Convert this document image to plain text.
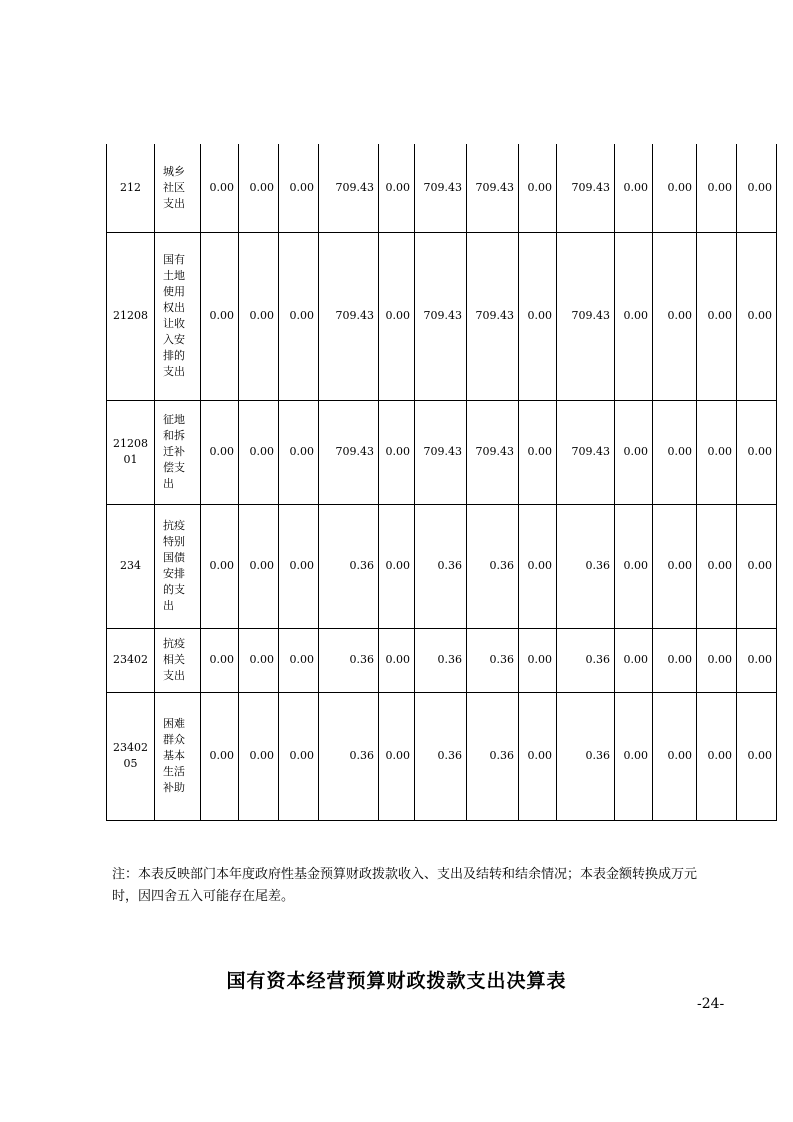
212	城乡社区支出	0.00	0.00	0.00	709.43	0.00	709.43	709.43	0.00	709.43	0.00	0.00	0.00	0.00
21208	国有土地使用权出让收入安排的支出	0.00	0.00	0.00	709.43	0.00	709.43	709.43	0.00	709.43	0.00	0.00	0.00	0.00
2120801	征地和拆迁补偿支出	0.00	0.00	0.00	709.43	0.00	709.43	709.43	0.00	709.43	0.00	0.00	0.00	0.00
234	抗疫特别国债安排的支出	0.00	0.00	0.00	0.36	0.00	0.36	0.36	0.00	0.36	0.00	0.00	0.00	0.00
23402	抗疫相关支出	0.00	0.00	0.00	0.36	0.00	0.36	0.36	0.00	0.36	0.00	0.00	0.00	0.00
2340205	困难群众基本生活补助	0.00	0.00	0.00	0.36	0.00	0.36	0.36	0.00	0.36	0.00	0.00	0.00	0.00
注：本表反映部门本年度政府性基金预算财政拨款收入、支出及结转和结余情况；本表金额转换成万元时，因四舍五入可能存在尾差。
国有资本经营预算财政拨款支出决算表
-24-
